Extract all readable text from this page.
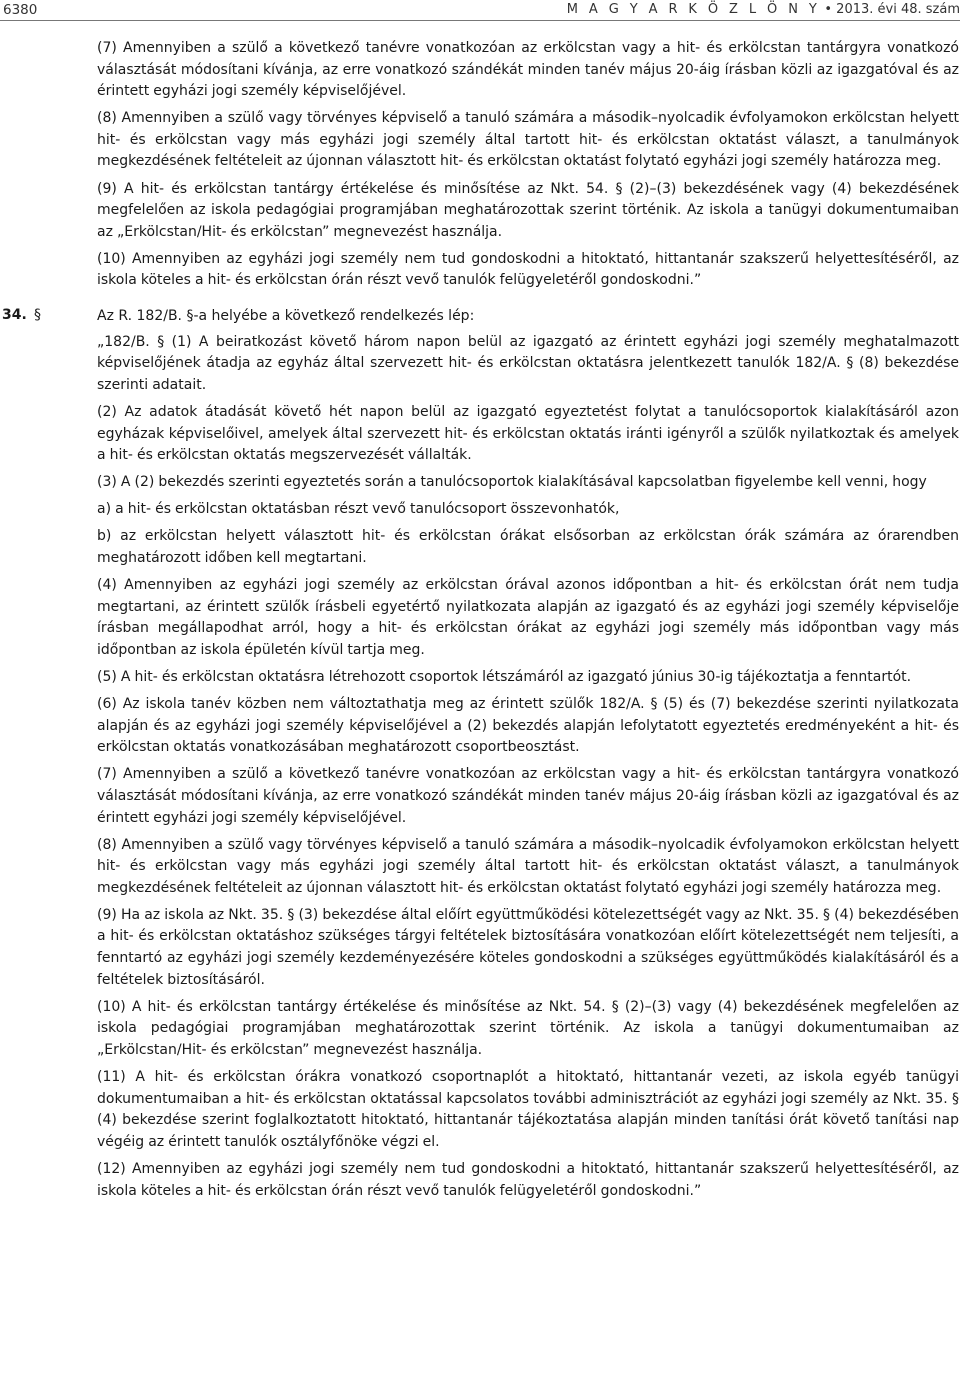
6380	M A G Y A R K Ö Z L Ö N Y • 2013. évi 48. szám

(7) Amennyiben a szülő a következő tanévre vonatkozóan az erkölcstan vagy a hit- és erkölcstan tantárgyra vonatkozó választását módosítani kívánja, az erre vonatkozó szándékát minden tanév május 20-áig írásban közli az igazgatóval és az érintett egyházi jogi személy képviselőjével.

(8) Amennyiben a szülő vagy törvényes képviselő a tanuló számára a második–nyolcadik évfolyamokon erkölcstan helyett hit- és erkölcstan vagy más egyházi jogi személy által tartott hit- és erkölcstan oktatást választ, a tanulmányok megkezdésének feltételeit az újonnan választott hit- és erkölcstan oktatást folytató egyházi jogi személy határozza meg.

(9) A hit- és erkölcstan tantárgy értékelése és minősítése az Nkt. 54. § (2)–(3) bekezdésének vagy (4) bekezdésének megfelelően az iskola pedagógiai programjában meghatározottak szerint történik. Az iskola a tanügyi dokumentumaiban az „Erkölcstan/Hit- és erkölcstan” megnevezést használja.

(10) Amennyiben az egyházi jogi személy nem tud gondoskodni a hitoktató, hittantanár szakszerű helyettesítéséről, az iskola köteles a hit- és erkölcstan órán részt vevő tanulók felügyeletéről gondoskodni.”

34. §	Az R. 182/B. §-a helyébe a következő rendelkezés lép:

„182/B. § (1) A beiratkozást követő három napon belül az igazgató az érintett egyházi jogi személy meghatalmazott képviselőjének átadja az egyház által szervezett hit- és erkölcstan oktatásra jelentkezett tanulók 182/A. § (8) bekezdése szerinti adatait.

(2) Az adatok átadását követő hét napon belül az igazgató egyeztetést folytat a tanulócsoportok kialakításáról azon egyházak képviselőivel, amelyek által szervezett hit- és erkölcstan oktatás iránti igényről a szülők nyilatkoztak és amelyek a hit- és erkölcstan oktatás megszervezését vállalták.

(3) A (2) bekezdés szerinti egyeztetés során a tanulócsoportok kialakításával kapcsolatban figyelembe kell venni, hogy

a) a hit- és erkölcstan oktatásban részt vevő tanulócsoport összevonhatók,

b) az erkölcstan helyett választott hit- és erkölcstan órákat elsősorban az erkölcstan órák számára az órarendben meghatározott időben kell megtartani.

(4) Amennyiben az egyházi jogi személy az erkölcstan órával azonos időpontban a hit- és erkölcstan órát nem tudja megtartani, az érintett szülők írásbeli egyetértő nyilatkozata alapján az igazgató és az egyházi jogi személy képviselője írásban megállapodhat arról, hogy a hit- és erkölcstan órákat az egyházi jogi személy más időpontban vagy más időpontban az iskola épületén kívül tartja meg.

(5) A hit- és erkölcstan oktatásra létrehozott csoportok létszámáról az igazgató június 30-ig tájékoztatja a fenntartót.

(6) Az iskola tanév közben nem változtathatja meg az érintett szülők 182/A. § (5) és (7) bekezdése szerinti nyilatkozata alapján és az egyházi jogi személy képviselőjével a (2) bekezdés alapján lefolytatott egyeztetés eredményeként a hit- és erkölcstan oktatás vonatkozásában meghatározott csoportbeosztást.

(7) Amennyiben a szülő a következő tanévre vonatkozóan az erkölcstan vagy a hit- és erkölcstan tantárgyra vonatkozó választását módosítani kívánja, az erre vonatkozó szándékát minden tanév május 20-áig írásban közli az igazgatóval és az érintett egyházi jogi személy képviselőjével.

(8) Amennyiben a szülő vagy törvényes képviselő a tanuló számára a második–nyolcadik évfolyamokon erkölcstan helyett hit- és erkölcstan vagy más egyházi jogi személy által tartott hit- és erkölcstan oktatást választ, a tanulmányok megkezdésének feltételeit az újonnan választott hit- és erkölcstan oktatást folytató egyházi jogi személy határozza meg.

(9) Ha az iskola az Nkt. 35. § (3) bekezdése által előírt együttműködési kötelezettségét vagy az Nkt. 35. § (4) bekezdésében a hit- és erkölcstan oktatáshoz szükséges tárgyi feltételek biztosítására vonatkozóan előírt kötelezettségét nem teljesíti, a fenntartó az egyházi jogi személy kezdeményezésére köteles gondoskodni a szükséges együttműködés kialakításáról és a feltételek biztosításáról.

(10) A hit- és erkölcstan tantárgy értékelése és minősítése az Nkt. 54. § (2)–(3) vagy (4) bekezdésének megfelelően az iskola pedagógiai programjában meghatározottak szerint történik. Az iskola a tanügyi dokumentumaiban az „Erkölcstan/Hit- és erkölcstan” megnevezést használja.

(11) A hit- és erkölcstan órákra vonatkozó csoportnaplót a hitoktató, hittantanár vezeti, az iskola egyéb tanügyi dokumentumaiban a hit- és erkölcstan oktatással kapcsolatos további adminisztrációt az egyházi jogi személy az Nkt. 35. § (4) bekezdése szerint foglalkoztatott hitoktató, hittantanár tájékoztatása alapján minden tanítási órát követő tanítási nap végéig az érintett tanulók osztályfőnöke végzi el.

(12) Amennyiben az egyházi jogi személy nem tud gondoskodni a hitoktató, hittantanár szakszerű helyettesítéséről, az iskola köteles a hit- és erkölcstan órán részt vevő tanulók felügyeletéről gondoskodni.”
